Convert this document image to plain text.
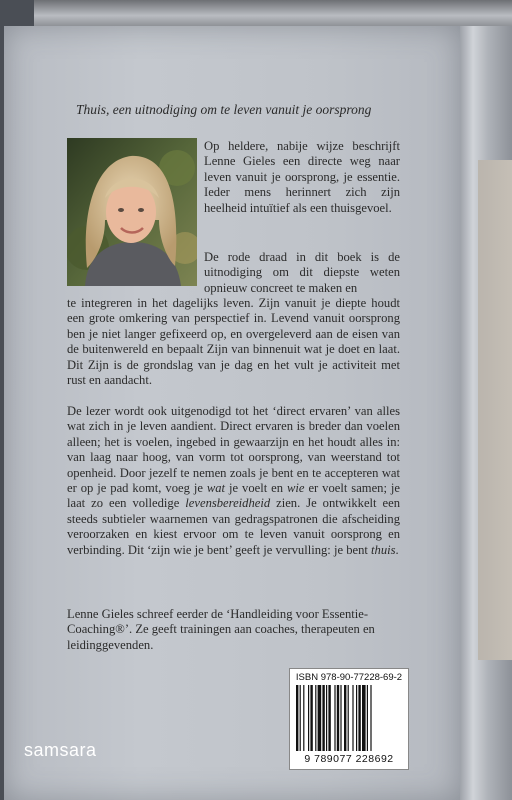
Thuis, een uitnodiging om te leven vanuit je oorsprong

Op heldere, nabije wijze beschrijft Lenne Gieles een directe weg naar leven vanuit je oorsprong, je essentie. Ieder mens herinnert zich zijn heelheid intuïtief als een thuisgevoel.

De rode draad in dit boek is de uitnodiging om dit diepste weten opnieuw concreet te maken en

te integreren in het dagelijks leven. Zijn vanuit je diepte houdt een grote omkering van perspectief in. Levend vanuit oorsprong ben je niet langer gefixeerd op, en overgeleverd aan de eisen van de buitenwereld en bepaalt Zijn van binnenuit wat je doet en laat. Dit Zijn is de grondslag van je dag en het vult je activiteit met rust en aandacht.

De lezer wordt ook uitgenodigd tot het ‘direct ervaren’ van alles wat zich in je leven aandient. Direct ervaren is breder dan voelen alleen; het is voelen, ingebed in gewaarzijn en het houdt alles in: van laag naar hoog, van vorm tot oorsprong, van weerstand tot openheid. Door jezelf te nemen zoals je bent en te accepteren wat er op je pad komt, voeg je wat je voelt en wie er voelt samen; je laat zo een volledige levensbereidheid zien. Je ontwikkelt een steeds subtieler waarnemen van gedragspatronen die afscheiding veroorzaken en kiest ervoor om te leven vanuit oorsprong en verbinding. Dit ‘zijn wie je bent’ geeft je vervulling: je bent thuis.

Lenne Gieles schreef eerder de ‘Handleiding voor Essentie-Coaching®’. Ze geeft trainingen aan coaches, therapeuten en leidinggevenden.

ISBN 978-90-77228-69-2
9 789077 228692
samsara
